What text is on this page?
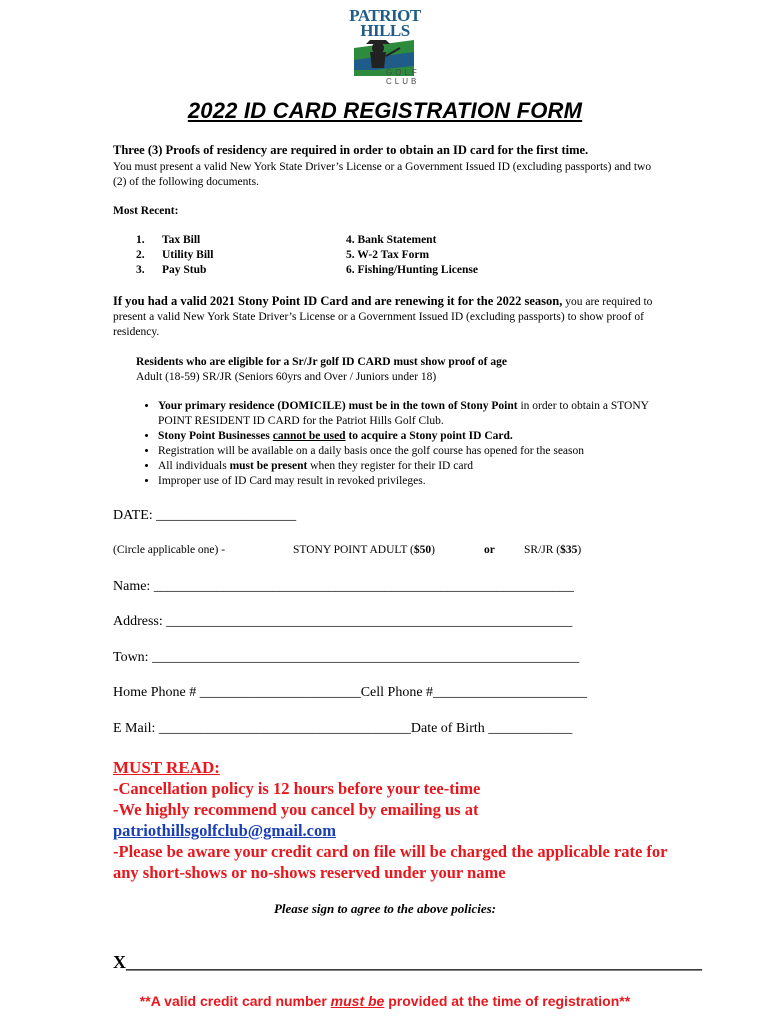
PATRIOT
HILLS
GOLF
CLUB
2022 ID CARD REGISTRATION FORM
Three (3) Proofs of residency are required in order to obtain an ID card for the first time.
You must present a valid New York State Driver’s License or a Government Issued ID (excluding passports) and two (2) of the following documents.
Most Recent:
1. Tax Bill
2. Utility Bill
3. Pay Stub
4. Bank Statement
5. W-2 Tax Form
6. Fishing/Hunting License
If you had a valid 2021 Stony Point ID Card and are renewing it for the 2022 season, you are required to present a valid New York State Driver’s License or a Government Issued ID (excluding passports) to show proof of residency.
Residents who are eligible for a Sr/Jr golf ID CARD must show proof of age
Adult (18-59) SR/JR (Seniors 60yrs and Over / Juniors under 18)
• Your primary residence (DOMICILE) must be in the town of Stony Point in order to obtain a STONY POINT RESIDENT ID CARD for the Patriot Hills Golf Club.
• Stony Point Businesses cannot be used to acquire a Stony point ID Card.
• Registration will be available on a daily basis once the golf course has opened for the season
• All individuals must be present when they register for their ID card
• Improper use of ID Card may result in revoked privileges.
DATE: ____________________
(Circle applicable one) -	STONY POINT ADULT ($50)	or	SR/JR ($35)
Name: ____________________________________________________________
Address: __________________________________________________________
Town: _____________________________________________________________
Home Phone # _______________________Cell Phone #______________________
E Mail: ____________________________________Date of Birth ____________
MUST READ:
-Cancellation policy is 12 hours before your tee-time
-We highly recommend you cancel by emailing us at
patriothillsgolfclub@gmail.com
-Please be aware your credit card on file will be charged the applicable rate for any short-shows or no-shows reserved under your name
Please sign to agree to the above policies:
X________________________________________________________________
**A valid credit card number must be provided at the time of registration**
